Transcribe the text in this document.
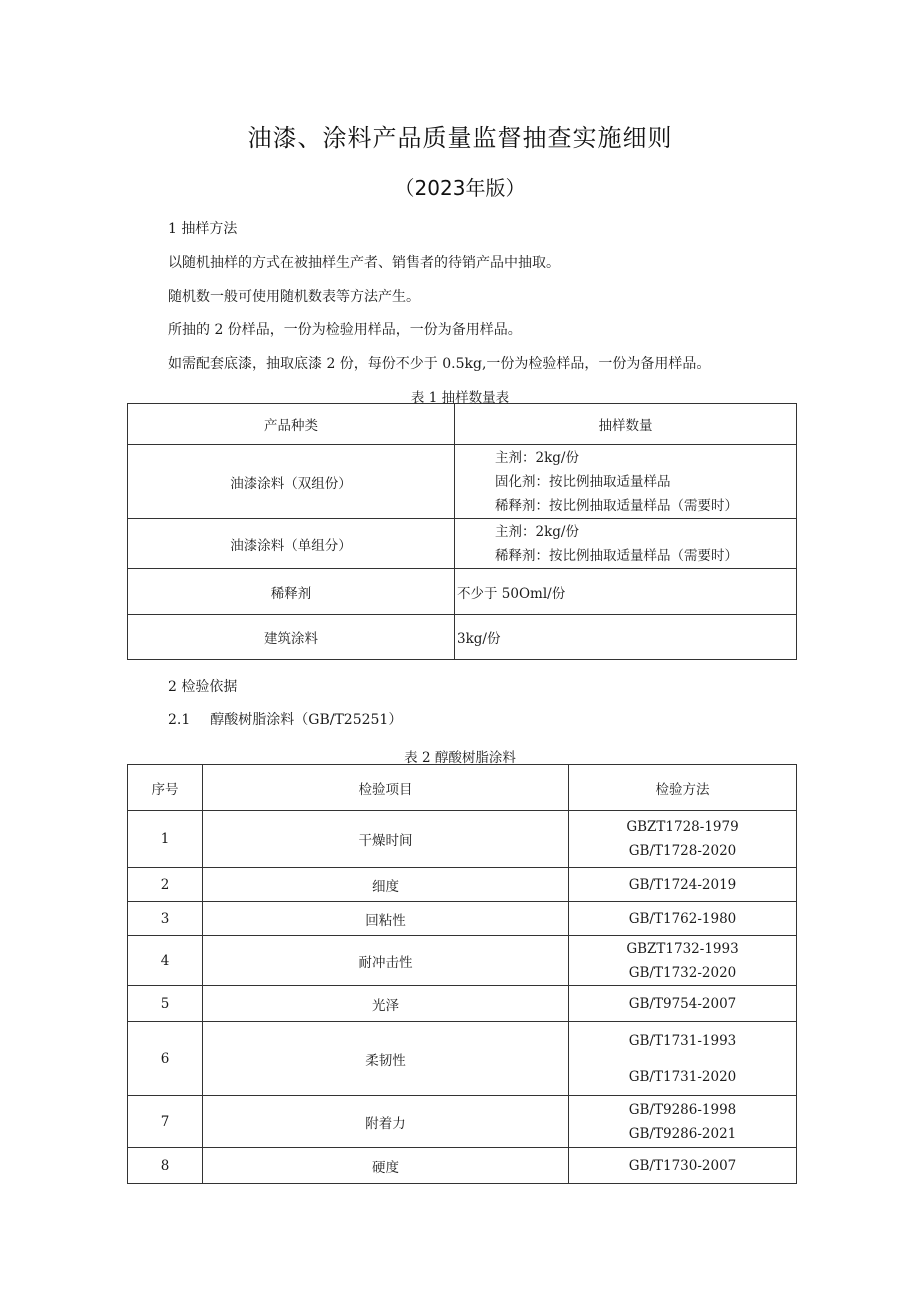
油漆、涂料产品质量监督抽查实施细则
（2023年版）
1 抽样方法
以随机抽样的方式在被抽样生产者、销售者的待销产品中抽取。
随机数一般可使用随机数表等方法产生。
所抽的 2 份样品，一份为检验用样品，一份为备用样品。
如需配套底漆，抽取底漆 2 份，每份不少于 0.5kg,一份为检验样品，一份为备用样品。
表 1 抽样数量表
产品种类	抽样数量
油漆涂料（双组份）	主剂：2kg/份
固化剂：按比例抽取适量样品
稀释剂：按比例抽取适量样品（需要时）

油漆涂料（单组分）	主剂：2kg/份
稀释剂：按比例抽取适量样品（需要时）

稀释剂	不少于 50Oml/份
建筑涂料	3kg/份
2 检验依据
2.1 醇酸树脂涂料（GB/T25251）
表 2 醇酸树脂涂料
序号	检验项目	检验方法
1	干燥时间	GBZT1728-1979
GB/T1728-2020

2	细度	GB/T1724-2019
3	回粘性	GB/T1762-1980
4	耐冲击性	GBZT1732-1993
GB/T1732-2020

5	光泽	GB/T9754-2007
6	柔韧性	GB/T1731-1993
GB/T1731-2020

7	附着力	GB/T9286-1998
GB/T9286-2021

8	硬度	GB/T1730-2007
